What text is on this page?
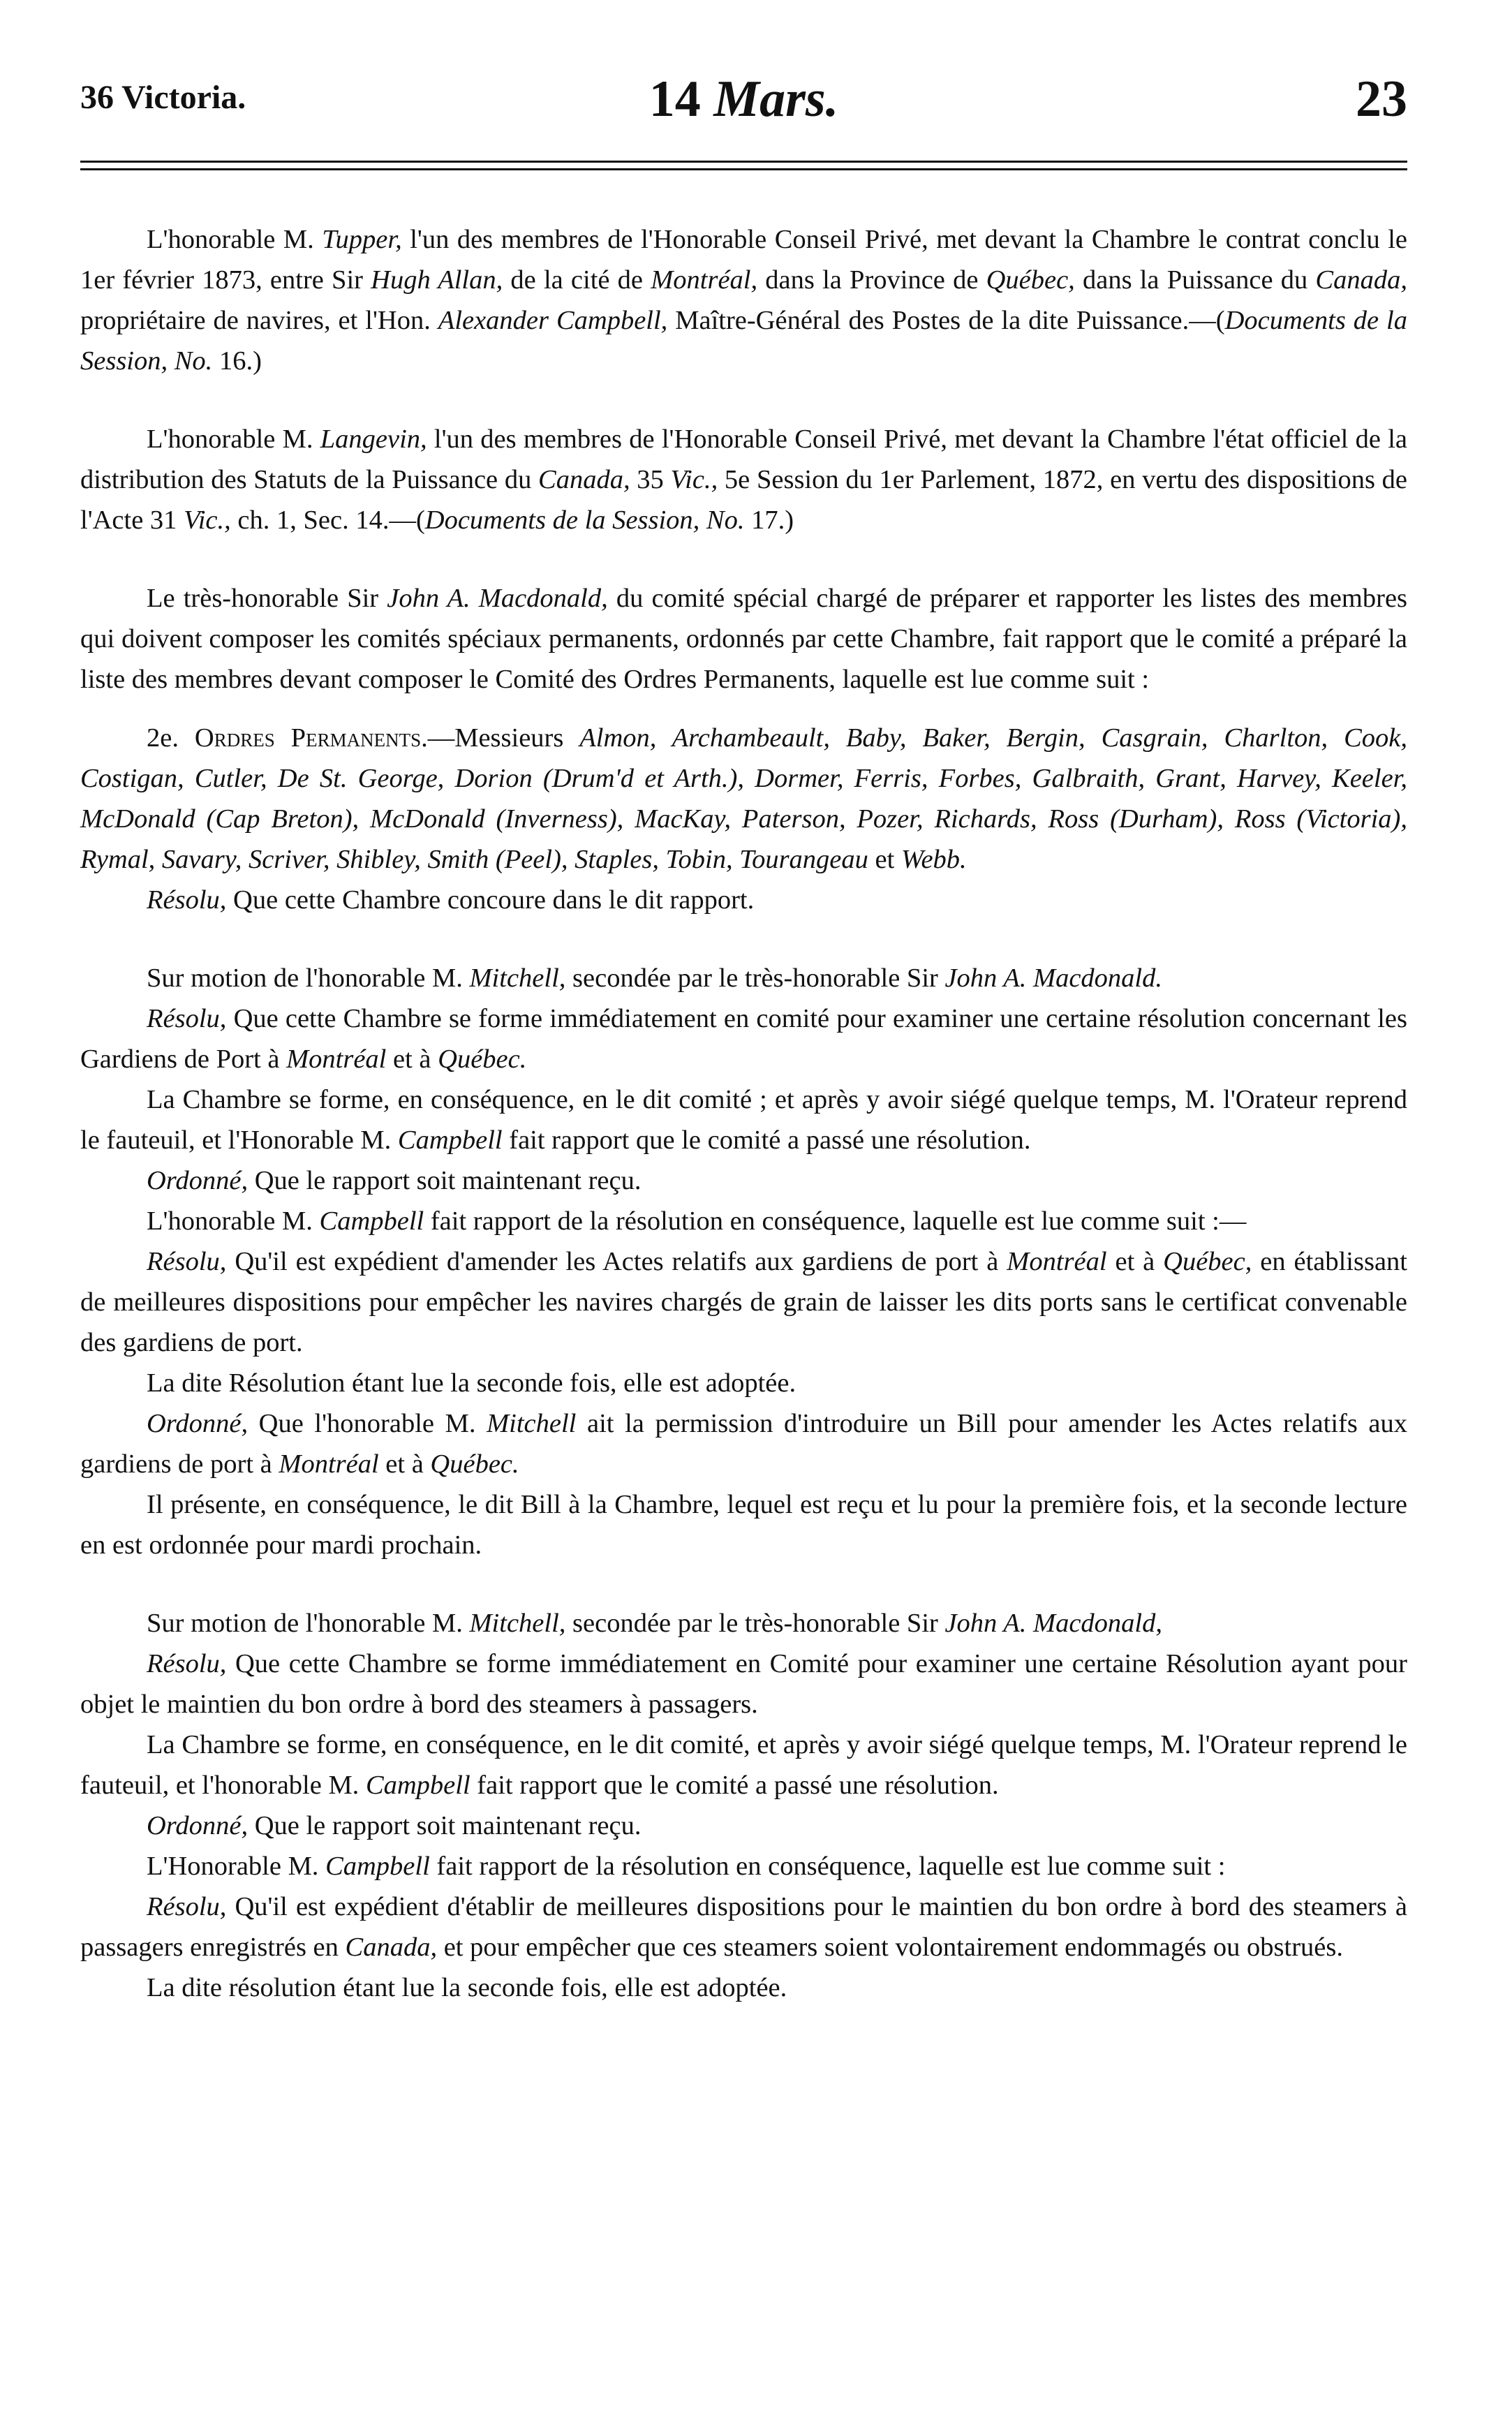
36 Victoria.	14 Mars.	23

L'honorable M. Tupper, l'un des membres de l'Honorable Conseil Privé, met devant la Chambre le contrat conclu le 1er février 1873, entre Sir Hugh Allan, de la cité de Montréal, dans la Province de Québec, dans la Puissance du Canada, propriétaire de navires, et l'Hon. Alexander Campbell, Maître-Général des Postes de la dite Puissance.—(Documents de la Session, No. 16.)

L'honorable M. Langevin, l'un des membres de l'Honorable Conseil Privé, met devant la Chambre l'état officiel de la distribution des Statuts de la Puissance du Canada, 35 Vic., 5e Session du 1er Parlement, 1872, en vertu des dispositions de l'Acte 31 Vic., ch. 1, Sec. 14.—(Documents de la Session, No. 17.)

Le très-honorable Sir John A. Macdonald, du comité spécial chargé de préparer et rapporter les listes des membres qui doivent composer les comités spéciaux permanents, ordonnés par cette Chambre, fait rapport que le comité a préparé la liste des membres devant composer le Comité des Ordres Permanents, laquelle est lue comme suit :

2e. Ordres Permanents.—Messieurs Almon, Archambeault, Baby, Baker, Bergin, Casgrain, Charlton, Cook, Costigan, Cutler, De St. George, Dorion (Drum'd et Arth.), Dormer, Ferris, Forbes, Galbraith, Grant, Harvey, Keeler, McDonald (Cap Breton), McDonald (Inverness), MacKay, Paterson, Pozer, Richards, Ross (Durham), Ross (Victoria), Rymal, Savary, Scriver, Shibley, Smith (Peel), Staples, Tobin, Tourangeau et Webb.

Résolu, Que cette Chambre concoure dans le dit rapport.

Sur motion de l'honorable M. Mitchell, secondée par le très-honorable Sir John A. Macdonald.

Résolu, Que cette Chambre se forme immédiatement en comité pour examiner une certaine résolution concernant les Gardiens de Port à Montréal et à Québec.

La Chambre se forme, en conséquence, en le dit comité ; et après y avoir siégé quelque temps, M. l'Orateur reprend le fauteuil, et l'Honorable M. Campbell fait rapport que le comité a passé une résolution.

Ordonné, Que le rapport soit maintenant reçu.

L'honorable M. Campbell fait rapport de la résolution en conséquence, laquelle est lue comme suit :—

Résolu, Qu'il est expédient d'amender les Actes relatifs aux gardiens de port à Montréal et à Québec, en établissant de meilleures dispositions pour empêcher les navires chargés de grain de laisser les dits ports sans le certificat convenable des gardiens de port.

La dite Résolution étant lue la seconde fois, elle est adoptée.

Ordonné, Que l'honorable M. Mitchell ait la permission d'introduire un Bill pour amender les Actes relatifs aux gardiens de port à Montréal et à Québec.

Il présente, en conséquence, le dit Bill à la Chambre, lequel est reçu et lu pour la première fois, et la seconde lecture en est ordonnée pour mardi prochain.

Sur motion de l'honorable M. Mitchell, secondée par le très-honorable Sir John A. Macdonald,

Résolu, Que cette Chambre se forme immédiatement en Comité pour examiner une certaine Résolution ayant pour objet le maintien du bon ordre à bord des steamers à passagers.

La Chambre se forme, en conséquence, en le dit comité, et après y avoir siégé quelque temps, M. l'Orateur reprend le fauteuil, et l'honorable M. Campbell fait rapport que le comité a passé une résolution.

Ordonné, Que le rapport soit maintenant reçu.

L'Honorable M. Campbell fait rapport de la résolution en conséquence, laquelle est lue comme suit :

Résolu, Qu'il est expédient d'établir de meilleures dispositions pour le maintien du bon ordre à bord des steamers à passagers enregistrés en Canada, et pour empêcher que ces steamers soient volontairement endommagés ou obstrués.

La dite résolution étant lue la seconde fois, elle est adoptée.
